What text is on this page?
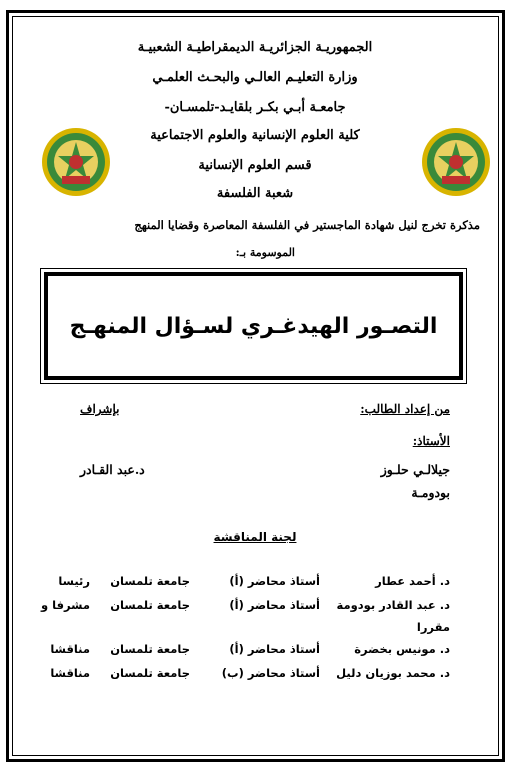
الجمهوريـة الجزائريـة الديمقراطيـة الشعبيـة
وزارة التعليـم العالـي والبحـث العلمـي
جامعـة أبـي بكـر بلقايـد-تلمسـان-
كلية العلوم الإنسانية والعلوم الاجتماعية
قسم العلوم الإنسانية
شعبة الفلسفة
مذكرة تخرج لنيل شهادة الماجستير في الفلسفة المعاصرة وقضايا المنهج
الموسومة بـ:
التصـور الهيدغـري لسـؤال المنهـج
من إعداد الطالب:
بإشراف
الأستاذ:
جيلالـي حلـوز
بودومـة
د.عبد القـادر
لجنة المناقشة
د. أحمد عطار
أستاذ محاضر (أ)
جامعة تلمسان
رئيسا
د. عبد القادر بودومة
أستاذ محاضر (أ)
جامعة تلمسان
مشرفا و
مقررا
د. مونيس بخضرة
أستاذ محاضر (أ)
جامعة تلمسان
مناقشا
د. محمد بوزيان دليل
أستاذ محاضر (ب)
جامعة تلمسان
مناقشا
